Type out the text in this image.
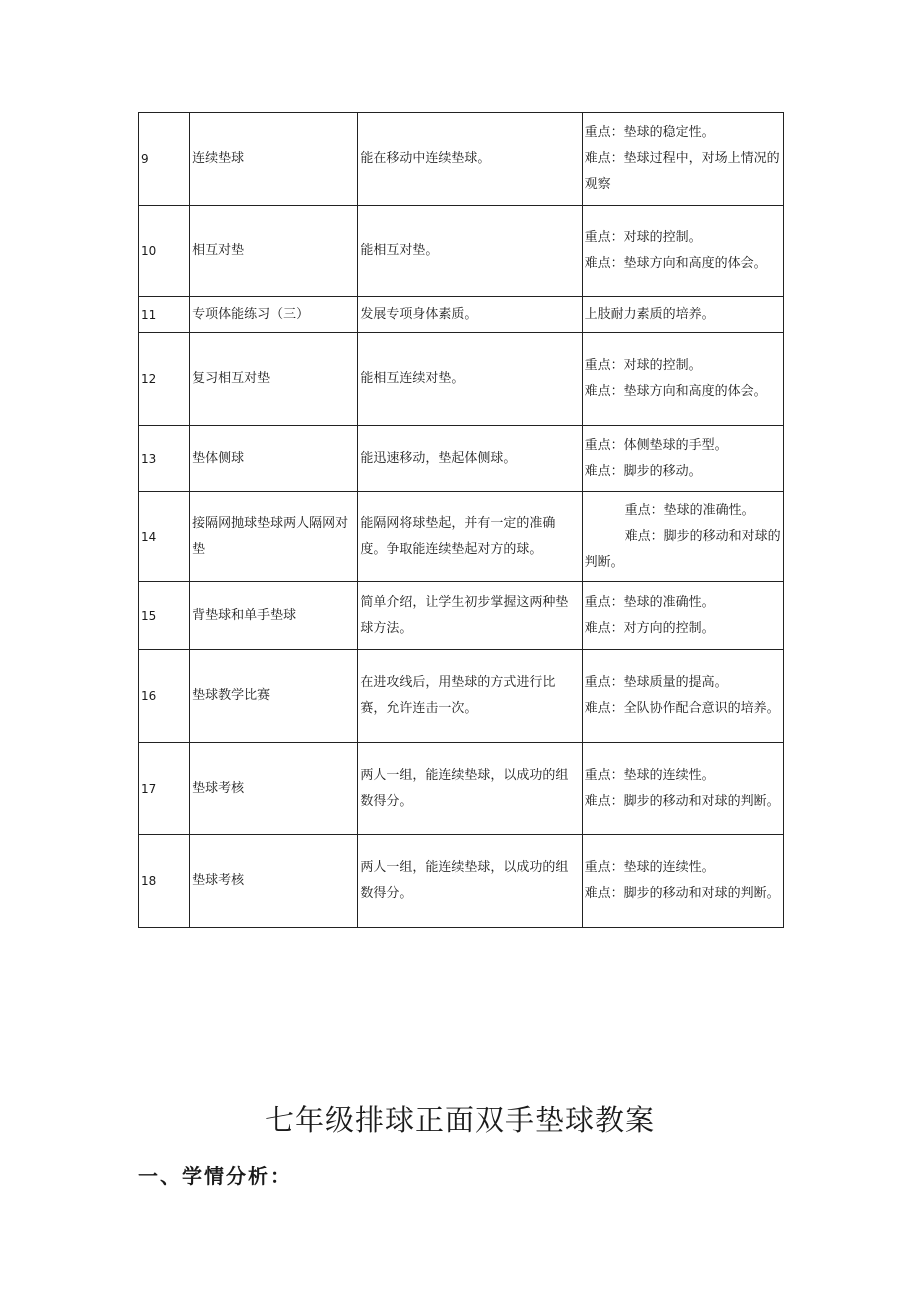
9	连续垫球	能在移动中连续垫球。	重点：垫球的稳定性。
难点：垫球过程中，对场上情况的观察

10	相互对垫	能相互对垫。	重点：对球的控制。
难点：垫球方向和高度的体会。

11	专项体能练习（三）	发展专项身体素质。	上肢耐力素质的培养。

12	复习相互对垫	能相互连续对垫。	重点：对球的控制。
难点：垫球方向和高度的体会。

13	垫体侧球	能迅速移动，垫起体侧球。	重点：体侧垫球的手型。
难点：脚步的移动。

14	接隔网抛球垫球两人隔网对垫	能隔网将球垫起，并有一定的准确度。争取能连续垫起对方的球。	重点：垫球的准确性。
难点：脚步的移动和对球的判断。

15	背垫球和单手垫球	简单介绍，让学生初步掌握这两种垫球方法。	重点：垫球的准确性。
难点：对方向的控制。

16	垫球教学比赛	在进攻线后，用垫球的方式进行比赛，允许连击一次。	重点：垫球质量的提高。
难点：全队协作配合意识的培养。

17	垫球考核	两人一组，能连续垫球，以成功的组数得分。	重点：垫球的连续性。
难点：脚步的移动和对球的判断。

18	垫球考核	两人一组，能连续垫球，以成功的组数得分。	重点：垫球的连续性。
难点：脚步的移动和对球的判断。
七年级排球正面双手垫球教案
一、学情分析：
